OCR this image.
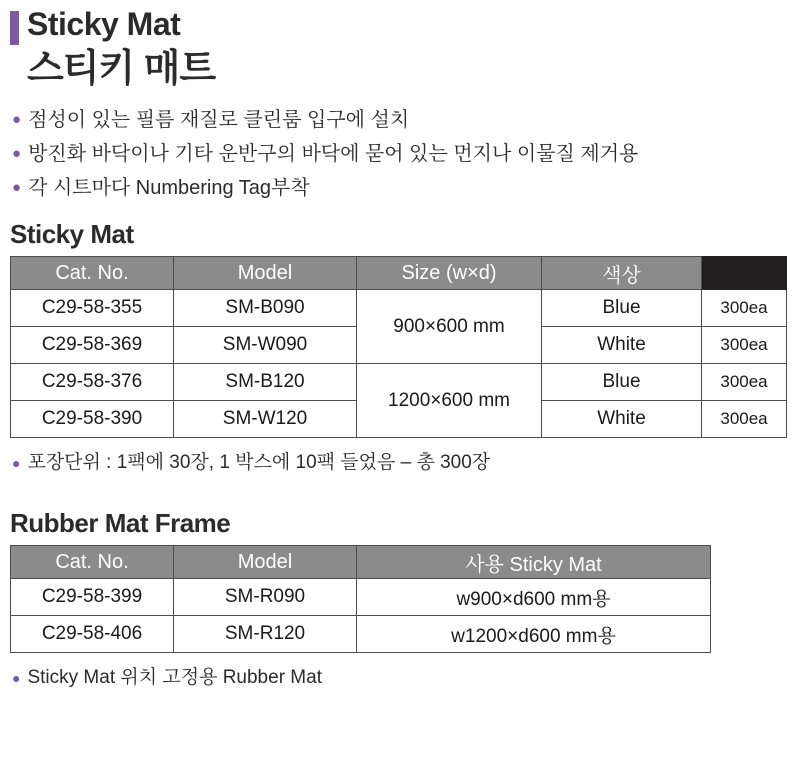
Sticky Mat
스티키 매트
● 점성이 있는 필름 재질로 클린룸 입구에 설치
● 방진화 바닥이나 기타 운반구의 바닥에 묻어 있는 먼지나 이물질 제거용
● 각 시트마다 Numbering Tag부착
Sticky Mat
Cat. No.	Model	Size (w×d)	색상	
C29-58-355	SM-B090	900×600 mm	Blue	300ea
C29-58-369	SM-W090		White	300ea
C29-58-376	SM-B120	1200×600 mm	Blue	300ea
C29-58-390	SM-W120		White	300ea
● 포장단위 : 1팩에 30장, 1 박스에 10팩 들었음 – 총 300장
Rubber Mat Frame
Cat. No.	Model	사용 Sticky Mat
C29-58-399	SM-R090	w900×d600 mm용
C29-58-406	SM-R120	w1200×d600 mm용
● Sticky Mat 위치 고정용 Rubber Mat
